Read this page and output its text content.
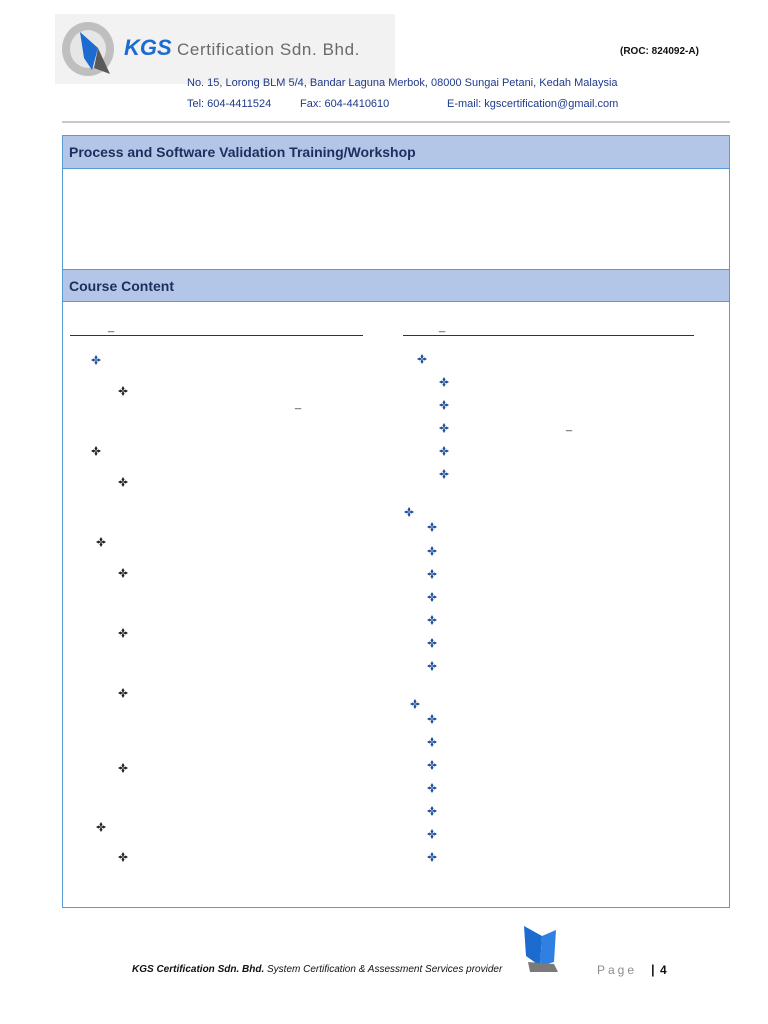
KGS Certification Sdn. Bhd.	(ROC: 824092-A)
No. 15, Lorong BLM 5/4, Bandar Laguna Merbok, 08000 Sungai Petani, Kedah Malaysia
Tel: 604-4411524	Fax: 604-4410610	E-mail: kgscertification@gmail.com
Process and Software Validation Training/Workshop
Course Content
_	_
_
_
KGS Certification Sdn. Bhd. System Certification & Assessment Services provider	Page | 4
